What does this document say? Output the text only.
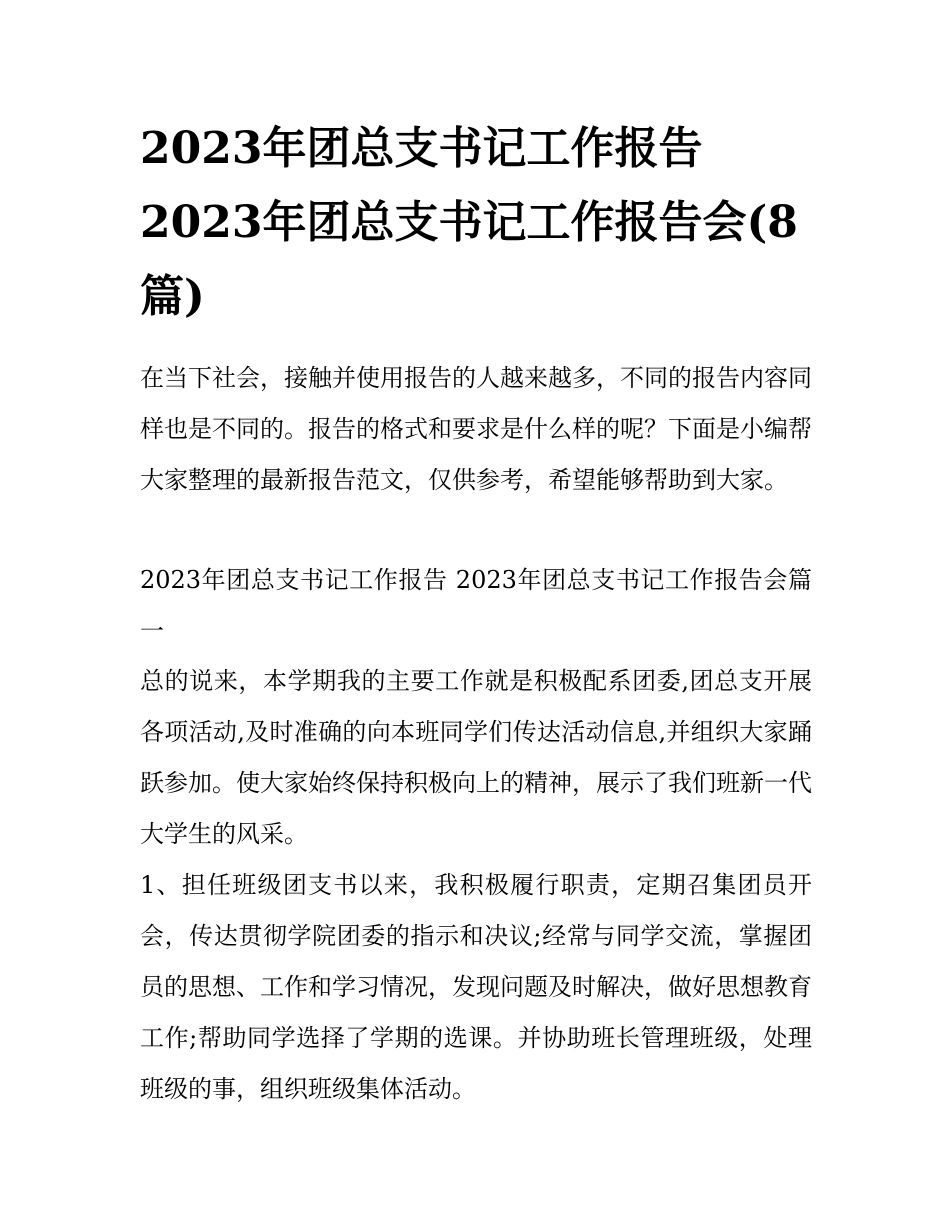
2023年团总支书记工作报告 2023年团总支书记工作报告会(8篇)

在当下社会，接触并使用报告的人越来越多，不同的报告内容同样也是不同的。报告的格式和要求是什么样的呢？下面是小编帮大家整理的最新报告范文，仅供参考，希望能够帮助到大家。

2023年团总支书记工作报告 2023年团总支书记工作报告会篇一

总的说来，本学期我的主要工作就是积极配系团委,团总支开展各项活动,及时准确的向本班同学们传达活动信息,并组织大家踊跃参加。使大家始终保持积极向上的精神，展示了我们班新一代大学生的风采。

1、担任班级团支书以来，我积极履行职责，定期召集团员开会，传达贯彻学院团委的指示和决议;经常与同学交流，掌握团员的思想、工作和学习情况，发现问题及时解决，做好思想教育工作;帮助同学选择了学期的选课。并协助班长管理班级，处理班级的事，组织班级集体活动。
